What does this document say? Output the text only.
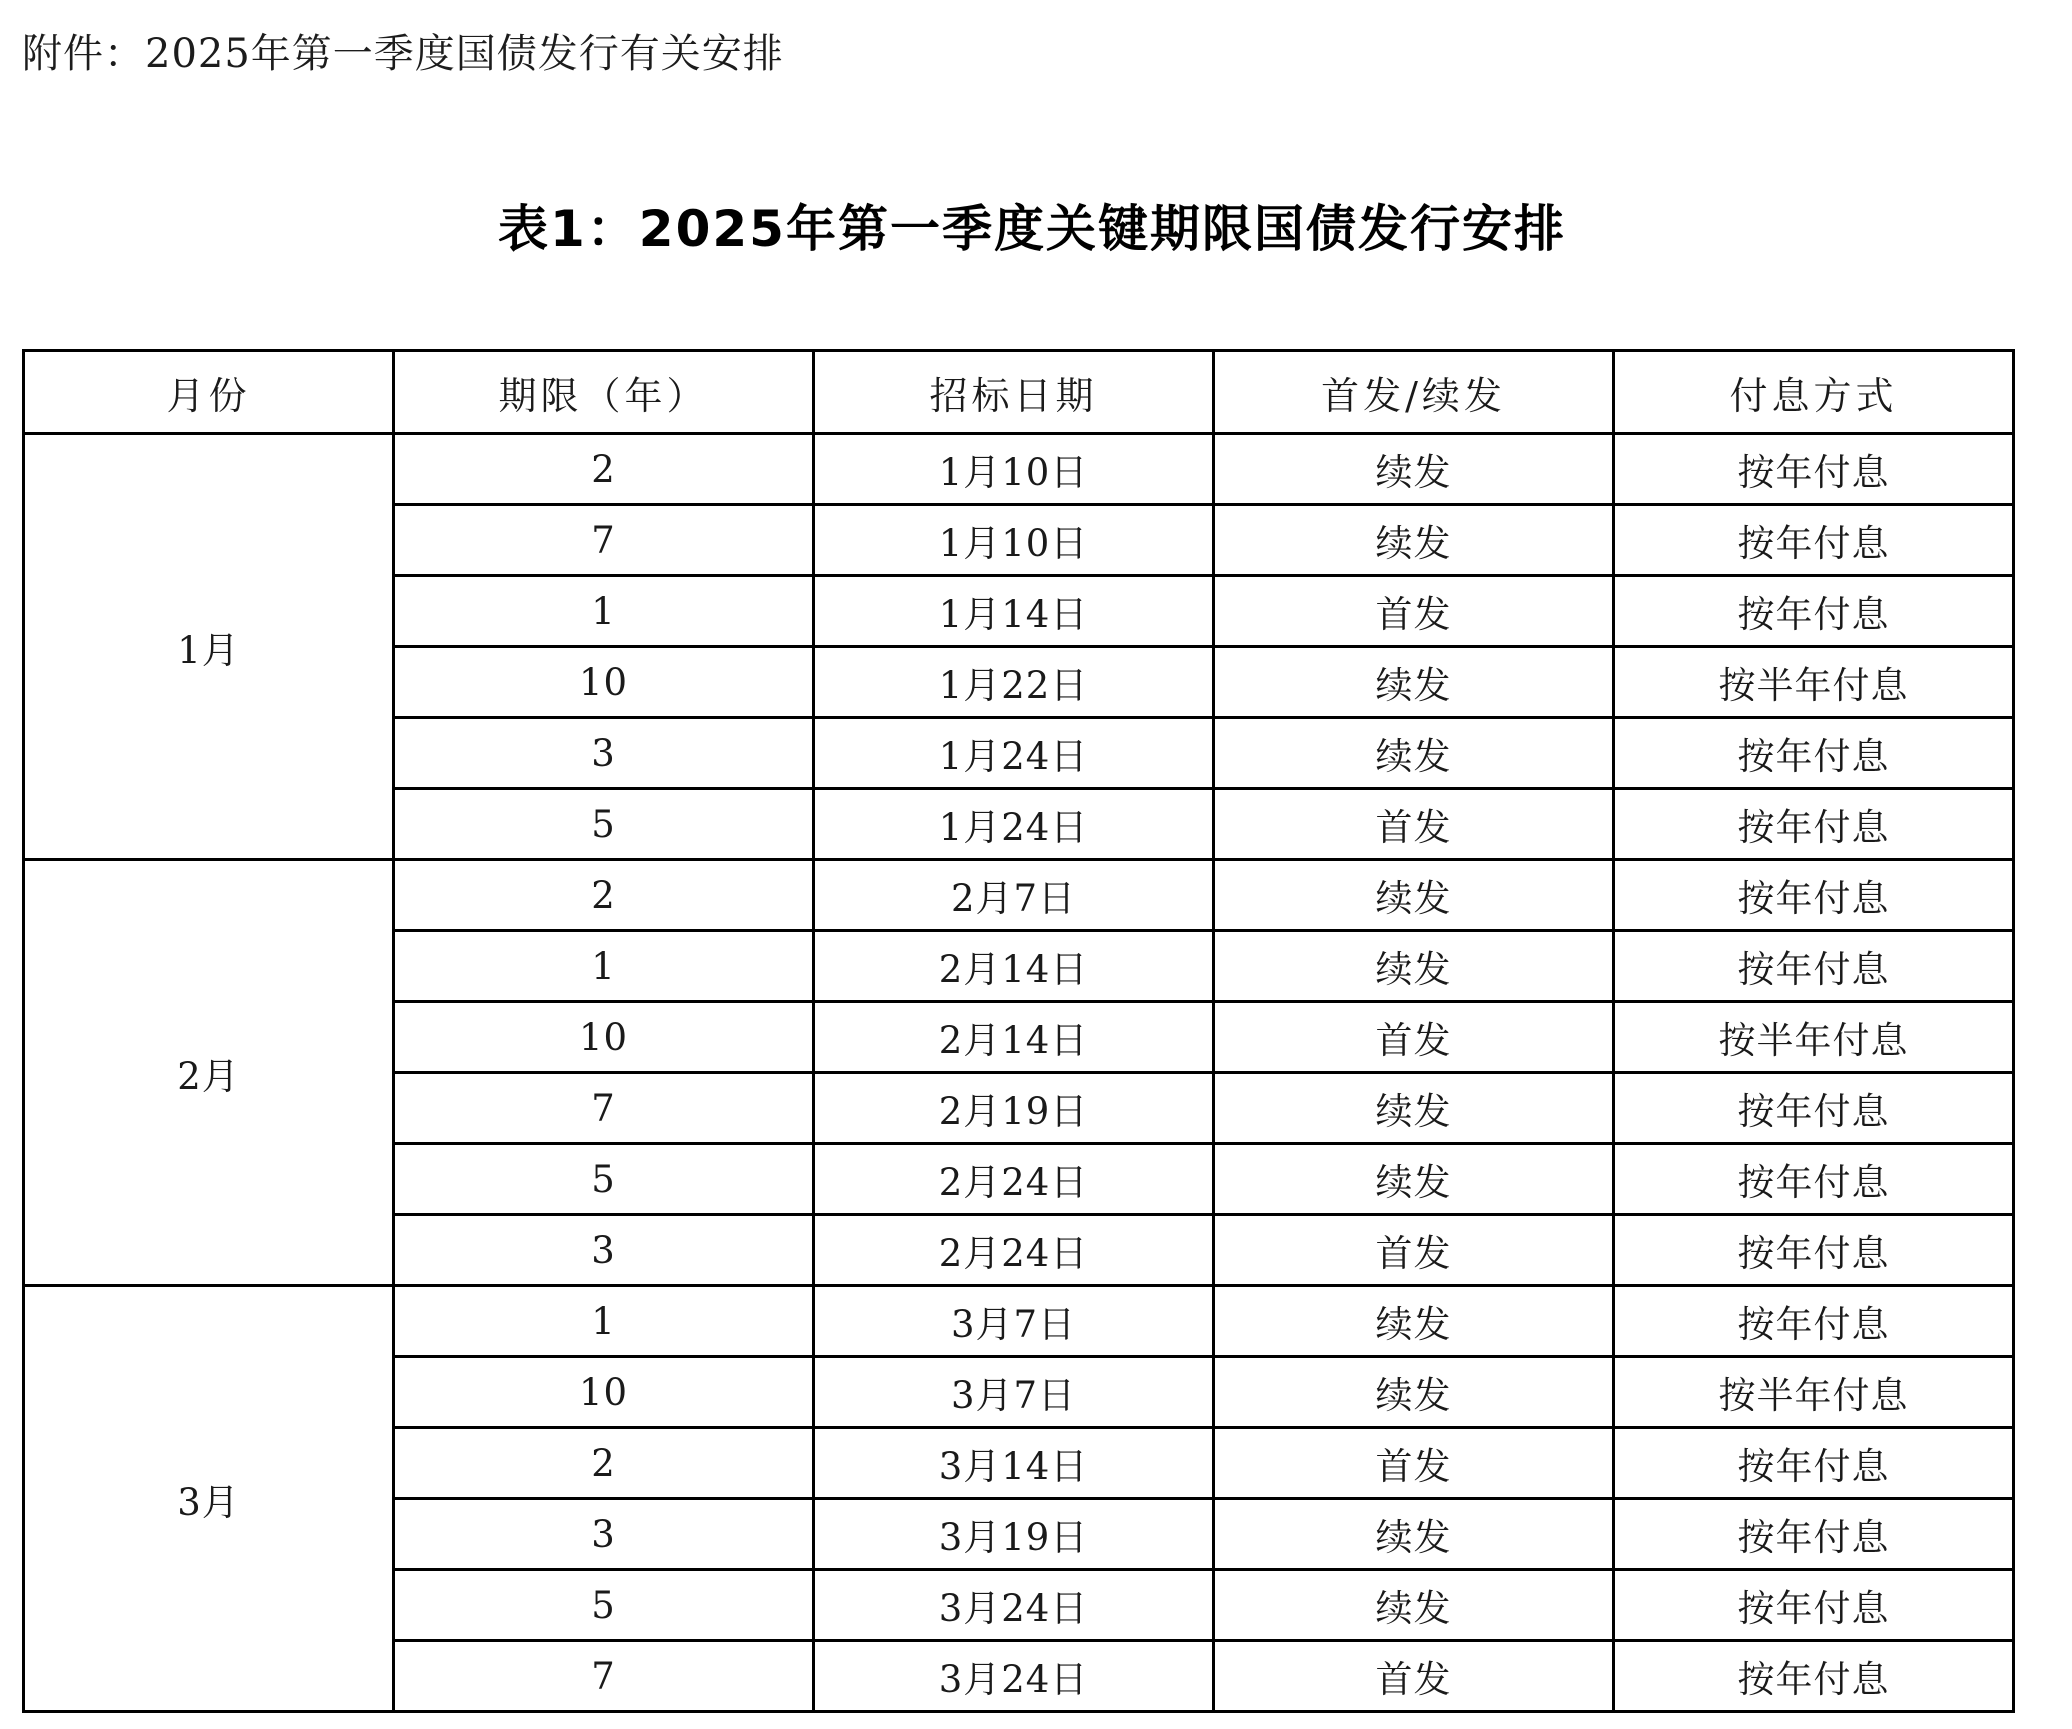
附件：2025年第一季度国债发行有关安排
表1：2025年第一季度关键期限国债发行安排
月份	期限（年）	招标日期	首发/续发	付息方式
1月	2	1月10日	续发	按年付息
	7	1月10日	续发	按年付息
	1	1月14日	首发	按年付息
	10	1月22日	续发	按半年付息
	3	1月24日	续发	按年付息
	5	1月24日	首发	按年付息
2月	2	2月7日	续发	按年付息
	1	2月14日	续发	按年付息
	10	2月14日	首发	按半年付息
	7	2月19日	续发	按年付息
	5	2月24日	续发	按年付息
	3	2月24日	首发	按年付息
3月	1	3月7日	续发	按年付息
	10	3月7日	续发	按半年付息
	2	3月14日	首发	按年付息
	3	3月19日	续发	按年付息
	5	3月24日	续发	按年付息
	7	3月24日	首发	按年付息
